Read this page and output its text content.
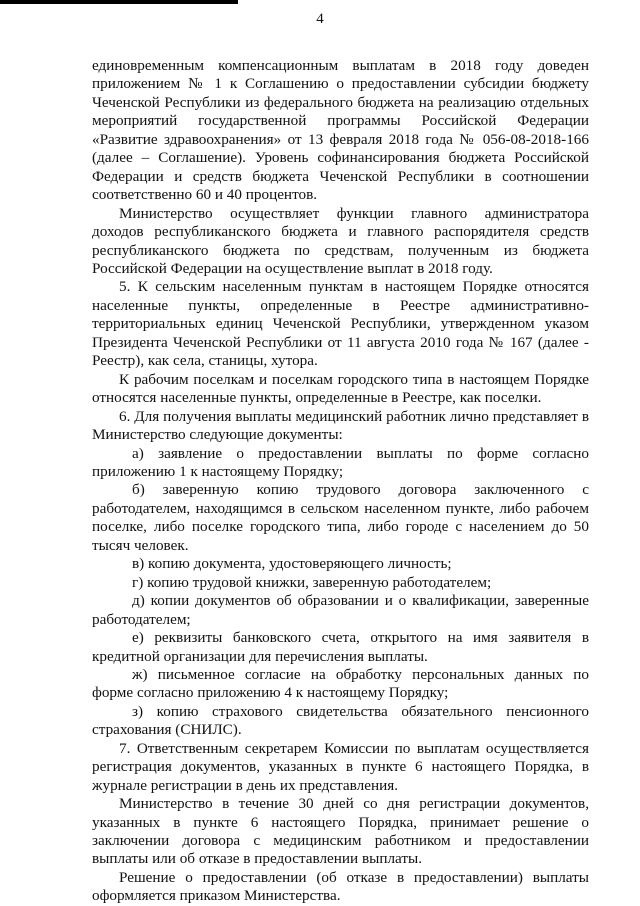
4

единовременным компенсационным выплатам в 2018 году доведен приложением № 1 к Соглашению о предоставлении субсидии бюджету Чеченской Республики из федерального бюджета на реализацию отдельных мероприятий государственной программы Российской Федерации «Развитие здравоохранения» от 13 февраля 2018 года № 056-08-2018-166 (далее – Соглашение). Уровень софинансирования бюджета Российской Федерации и средств бюджета Чеченской Республики в соотношении соответственно 60 и 40 процентов.

Министерство осуществляет функции главного администратора доходов республиканского бюджета и главного распорядителя средств республиканского бюджета по средствам, полученным из бюджета Российской Федерации на осуществление выплат в 2018 году.

5. К сельским населенным пунктам в настоящем Порядке относятся населенные пункты, определенные в Реестре административно-территориальных единиц Чеченской Республики, утвержденном указом Президента Чеченской Республики от 11 августа 2010 года № 167 (далее - Реестр), как села, станицы, хутора.

К рабочим поселкам и поселкам городского типа в настоящем Порядке относятся населенные пункты, определенные в Реестре, как поселки.

6. Для получения выплаты медицинский работник лично представляет в Министерство следующие документы:

а) заявление о предоставлении выплаты по форме согласно приложению 1 к настоящему Порядку;

б) заверенную копию трудового договора заключенного с работодателем, находящимся в сельском населенном пункте, либо рабочем поселке, либо поселке городского типа, либо городе с населением до 50 тысяч человек.

в) копию документа, удостоверяющего личность;

г) копию трудовой книжки, заверенную работодателем;

д) копии документов об образовании и о квалификации, заверенные работодателем;

е) реквизиты банковского счета, открытого на имя заявителя в кредитной организации для перечисления выплаты.

ж) письменное согласие на обработку персональных данных по форме согласно приложению 4 к настоящему Порядку;

з) копию страхового свидетельства обязательного пенсионного страхования (СНИЛС).

7. Ответственным секретарем Комиссии по выплатам осуществляется регистрация документов, указанных в пункте 6 настоящего Порядка, в журнале регистрации в день их представления.

Министерство в течение 30 дней со дня регистрации документов, указанных в пункте 6 настоящего Порядка, принимает решение о заключении договора с медицинским работником и предоставлении выплаты или об отказе в предоставлении выплаты.

Решение о предоставлении (об отказе в предоставлении) выплаты оформляется приказом Министерства.
